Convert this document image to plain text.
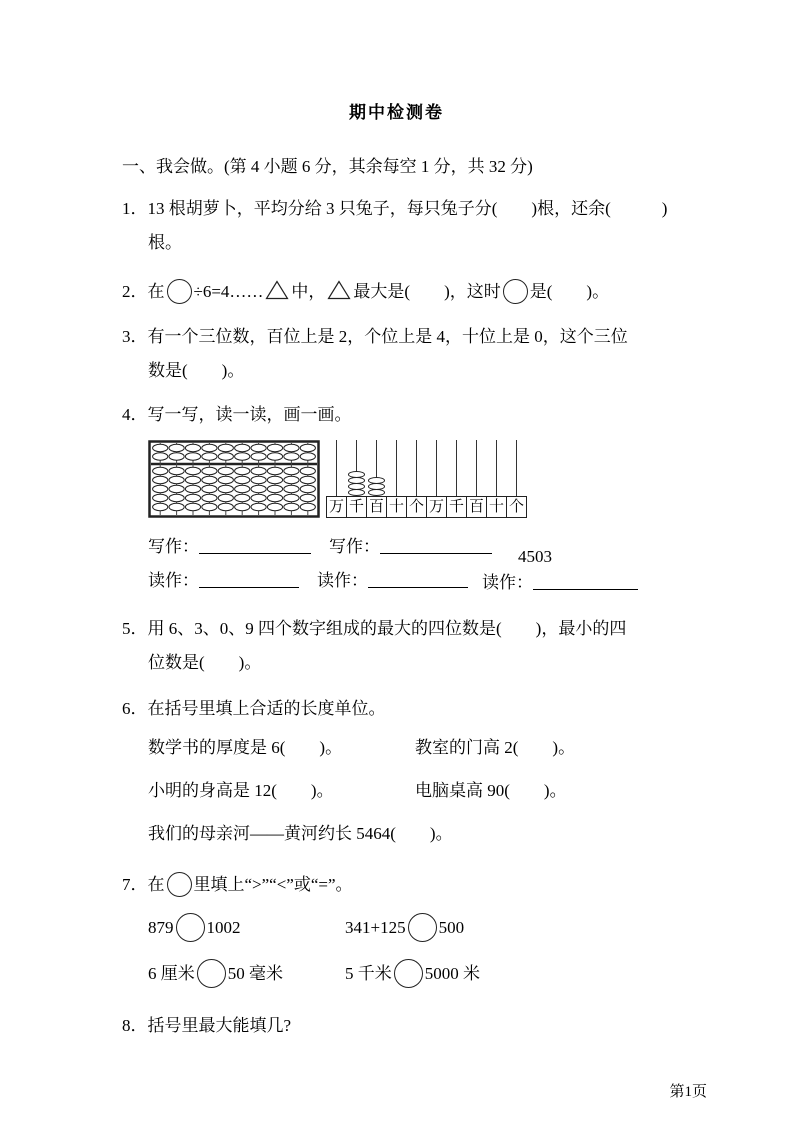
期中检测卷
一、我会做。(第 4 小题 6 分，其余每空 1 分，共 32 分)
1．13 根胡萝卜，平均分给 3 只兔子，每只兔子分(　　)根，还余(　　　)
根。
2．在 ÷6=4…… 中， 最大是(　　)，这时 是(　　)。
3．有一个三位数，百位上是 2，个位上是 4，十位上是 0，这个三位
数是(　　)。
4．写一写，读一读，画一画。
万 千 百 十 个 万 千 百 十 个
写作：	写作：
读作：	读作：
4503
读作：
5．用 6、3、0、9 四个数字组成的最大的四位数是(　　)，最小的四
位数是(　　)。
6．在括号里填上合适的长度单位。
数学书的厚度是 6(　　)。	教室的门高 2(　　)。
小明的身高是 12(　　)。	电脑桌高 90(　　)。
我们的母亲河——黄河约长 5464(　　)。
7．在 里填上“>”“<”或“=”。
879 1002	341+125 500
6 厘米 50 毫米	5 千米 5000 米
8．括号里最大能填几?
第1页
